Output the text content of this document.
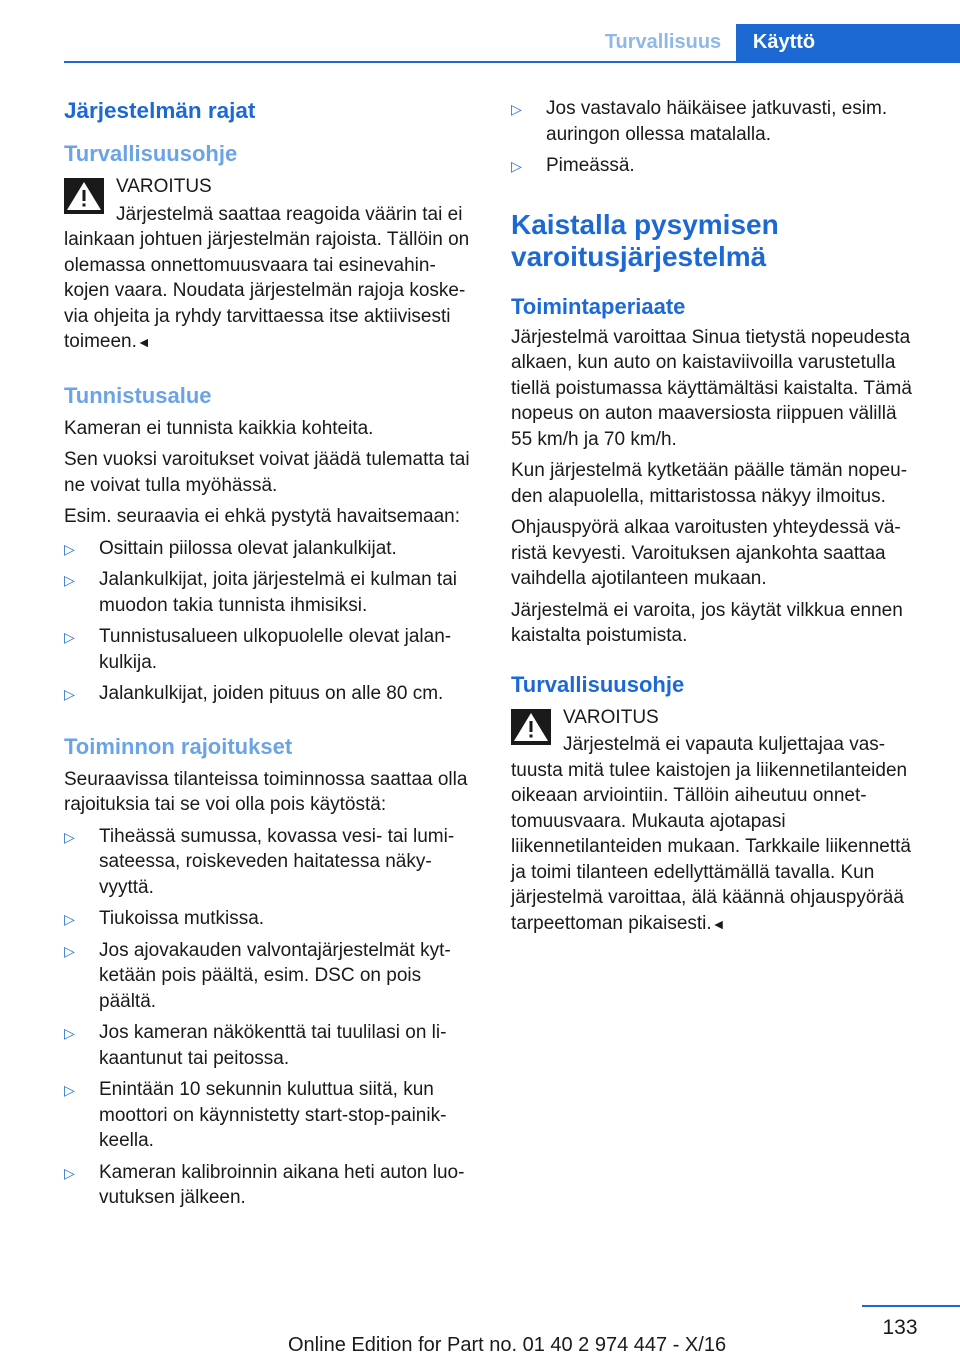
Turvallisuus	Käyttö
Järjestelmän rajat
Turvallisuusohje
VAROITUS

Järjestelmä saattaa reagoida väärin tai ei lainkaan johtuen järjestelmän rajoista. Tällöin on olemassa onnettomuusvaara tai esinevahinkojen vaara. Noudata järjestelmän rajoja koskevia ohjeita ja ryhdy tarvittaessa itse aktiivisesti toimeen.◄

Tunnistusalue

Kameran ei tunnista kaikkia kohteita.

Sen vuoksi varoitukset voivat jäädä tulematta tai ne voivat tulla myöhässä.

Esim. seuraavia ei ehkä pystytä havaitsemaan:

▷ Osittain piilossa olevat jalankulkijat.
▷ Jalankulkijat, joita järjestelmä ei kulman tai muodon takia tunnista ihmisiksi.
▷ Tunnistusalueen ulkopuolelle olevat jalankulkija.
▷ Jalankulkijat, joiden pituus on alle 80 cm.
Toiminnon rajoitukset

Seuraavissa tilanteissa toiminnossa saattaa olla rajoituksia tai se voi olla pois käytöstä:

▷ Tiheässä sumussa, kovassa vesi- tai lumisateessa, roiskeveden haitatessa näkyvyyttä.
▷ Tiukoissa mutkissa.
▷ Jos ajovakauden valvontajärjestelmät kytketään pois päältä, esim. DSC on pois päältä.
▷ Jos kameran näkökenttä tai tuulilasi on likaantunut tai peitossa.
▷ Enintään 10 sekunnin kuluttua siitä, kun moottori on käynnistetty start-stop-painikkeella.
▷ Kameran kalibroinnin aikana heti auton luovutuksen jälkeen.
▷ Jos vastavalo häikäisee jatkuvasti, esim. auringon ollessa matalalla.
▷ Pimeässä.
Kaistalla pysymisen varoitusjärjestelmä
Toimintaperiaate

Järjestelmä varoittaa Sinua tietystä nopeudesta alkaen, kun auto on kaistaviivoilla varustetulla tiellä poistumassa käyttämältäsi kaistalta. Tämä nopeus on auton maaversiosta riippuen välillä 55 km/h ja 70 km/h.

Kun järjestelmä kytketään päälle tämän nopeuden alapuolella, mittaristossa näkyy ilmoitus.

Ohjauspyörä alkaa varoitusten yhteydessä väristä kevyesti. Varoituksen ajankohta saattaa vaihdella ajotilanteen mukaan.

Järjestelmä ei varoita, jos käytät vilkkua ennen kaistalta poistumista.

Turvallisuusohje
VAROITUS

Järjestelmä ei vapauta kuljettajaa vastuusta mitä tulee kaistojen ja liikennetilanteiden oikeaan arviointiin. Tällöin aiheutuu onnettomuusvaara. Mukauta ajotapasi liikennetilanteiden mukaan. Tarkkaile liikennettä ja toimi tilanteen edellyttämällä tavalla. Kun järjestelmä varoittaa, älä käännä ohjauspyörää tarpeettoman pikaisesti.◄

133
Online Edition for Part no. 01 40 2 974 447 - X/16
